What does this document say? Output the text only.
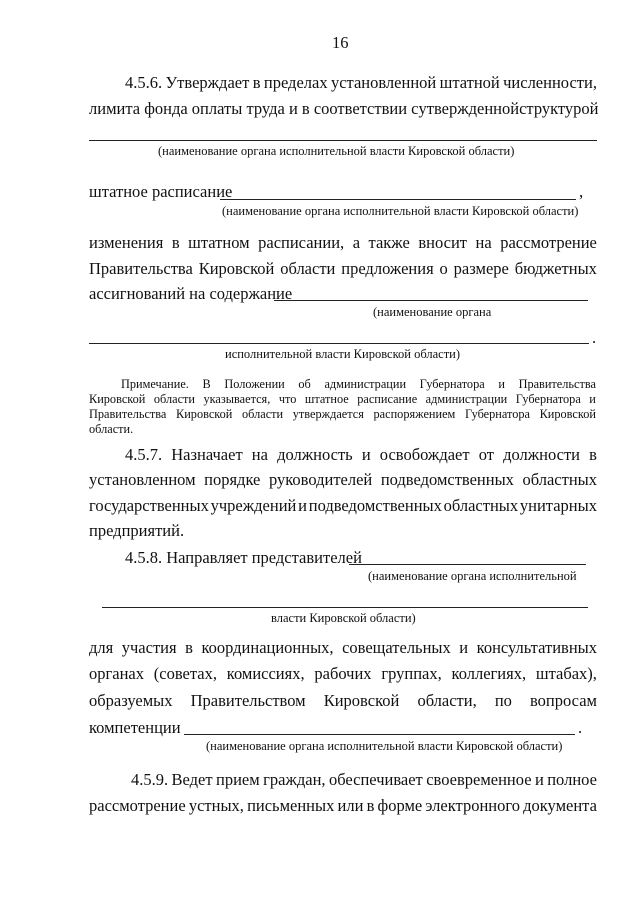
16
4.5.6. Утверждает в пределах установленной штатной численности,
лимита фонда оплаты труда и в соответствии с утвержденной структурой
(наименование органа исполнительной власти Кировской области)
штатное расписание	,
(наименование органа исполнительной власти Кировской области)
изменения в штатном расписании, а также вносит на рассмотрение
Правительства Кировской области предложения о размере бюджетных
ассигнований на содержание
(наименование органа
.
исполнительной власти Кировской области)
Примечание. В Положении об администрации Губернатора и Правительства
Кировской области указывается, что штатное расписание администрации Губернатора и
Правительства Кировской области утверждается распоряжением Губернатора Кировской
области.
4.5.7. Назначает на должность и освобождает от должности в
установленном порядке руководителей подведомственных областных
государственных учреждений и подведомственных областных унитарных
предприятий.
4.5.8. Направляет представителей
(наименование органа исполнительной
власти Кировской области)
для участия в координационных, совещательных и консультативных
органах (советах, комиссиях, рабочих группах, коллегиях, штабах),
образуемых Правительством Кировской области, по вопросам
компетенции	.
(наименование органа исполнительной власти Кировской области)
4.5.9. Ведет прием граждан, обеспечивает своевременное и полное
рассмотрение устных, письменных или в форме электронного документа
